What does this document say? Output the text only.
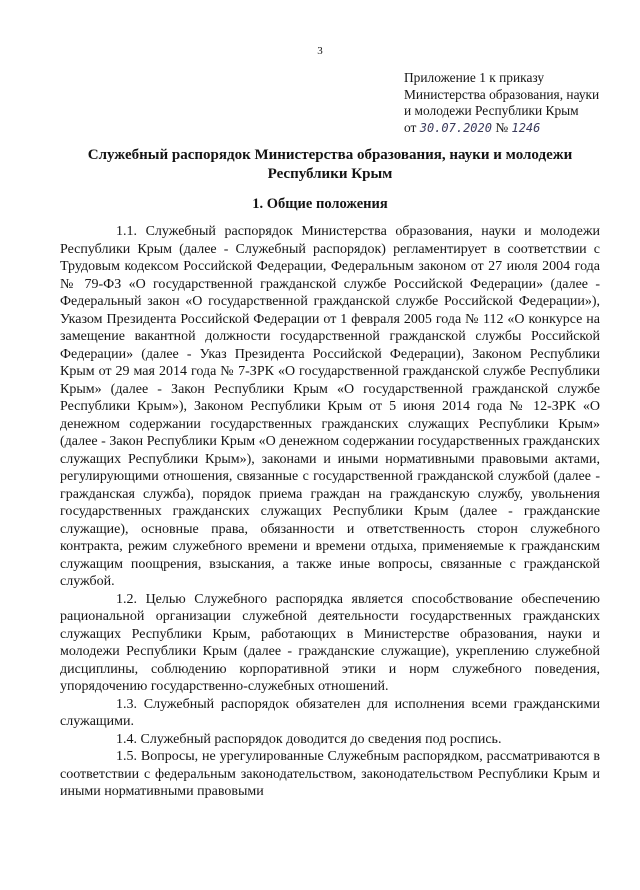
3
Приложение 1 к приказу
Министерства образования, науки
и молодежи Республики Крым
от 30.07.2020 № 1246
Служебный распорядок Министерства образования, науки и молодежи Республики Крым
1. Общие положения

1.1. Служебный распорядок Министерства образования, науки и молодежи Республики Крым (далее - Служебный распорядок) регламентирует в соответствии с Трудовым кодексом Российской Федерации, Федеральным законом от 27 июля 2004 года № 79-ФЗ «О государственной гражданской службе Российской Федерации» (далее - Федеральный закон «О государственной гражданской службе Российской Федерации»), Указом Президента Российской Федерации от 1 февраля 2005 года № 112 «О конкурсе на замещение вакантной должности государственной гражданской службы Российской Федерации» (далее - Указ Президента Российской Федерации), Законом Республики Крым от 29 мая 2014 года № 7-ЗРК «О государственной гражданской службе Республики Крым» (далее - Закон Республики Крым «О государственной гражданской службе Республики Крым»), Законом Республики Крым от 5 июня 2014 года № 12-ЗРК «О денежном содержании государственных гражданских служащих Республики Крым» (далее - Закон Республики Крым «О денежном содержании государственных гражданских служащих Республики Крым»), законами и иными нормативными правовыми актами, регулирующими отношения, связанные с государственной гражданской службой (далее - гражданская служба), порядок приема граждан на гражданскую службу, увольнения государственных гражданских служащих Республики Крым (далее - гражданские служащие), основные права, обязанности и ответственность сторон служебного контракта, режим служебного времени и времени отдыха, применяемые к гражданским служащим поощрения, взыскания, а также иные вопросы, связанные с гражданской службой.

1.2. Целью Служебного распорядка является способствование обеспечению рациональной организации служебной деятельности государственных гражданских служащих Республики Крым, работающих в Министерстве образования, науки и молодежи Республики Крым (далее - гражданские служащие), укреплению служебной дисциплины, соблюдению корпоративной этики и норм служебного поведения, упорядочению государственно-служебных отношений.

1.3. Служебный распорядок обязателен для исполнения всеми гражданскими служащими.

1.4. Служебный распорядок доводится до сведения под роспись.

1.5. Вопросы, не урегулированные Служебным распорядком, рассматриваются в соответствии с федеральным законодательством, законодательством Республики Крым и иными нормативными правовыми
